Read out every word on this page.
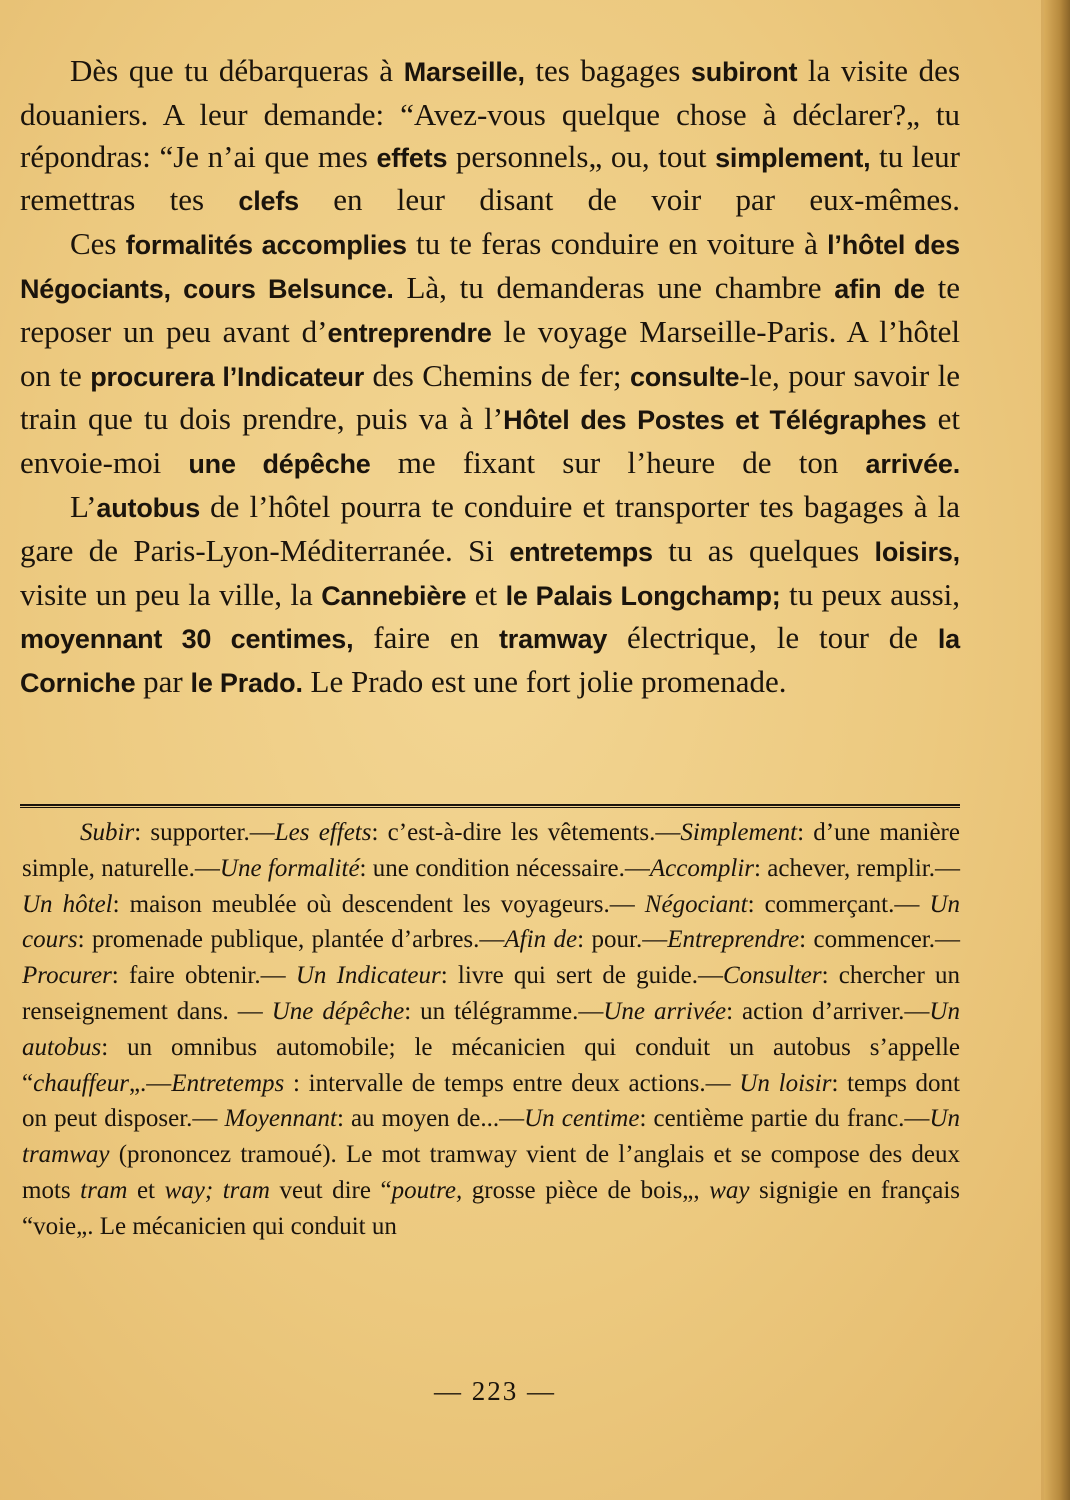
Dès que tu débarqueras à Marseille, tes bagages subiront la visite des douaniers. A leur demande: “Avez-vous quelque chose à déclarer?„ tu répondras: “Je n’ai que mes effets personnels„ ou, tout simplement, tu leur remettras tes clefs en leur disant de voir par eux-mêmes.

Ces formalités accomplies tu te feras conduire en voiture à l’hôtel des Négociants, cours Belsunce. Là, tu demanderas une chambre afin de te reposer un peu avant d’entreprendre le voyage Marseille-Paris. A l’hôtel on te procurera l’Indicateur des Chemins de fer; consulte-le, pour savoir le train que tu dois prendre, puis va à l’Hôtel des Postes et Télégraphes et envoie-moi une dépêche me fixant sur l’heure de ton arrivée.

L’autobus de l’hôtel pourra te conduire et transporter tes bagages à la gare de Paris-Lyon-Méditerranée. Si entretemps tu as quelques loisirs, visite un peu la ville, la Cannebière et le Palais Longchamp; tu peux aussi, moyennant 30 centimes, faire en tramway électrique, le tour de la Corniche par le Prado. Le Prado est une fort jolie promenade.

Subir: supporter.—Les effets: c’est-à-dire les vêtements.—Simplement: d’une manière simple, naturelle.—Une formalité: une condition nécessaire.—Accomplir: achever, remplir.—Un hôtel: maison meublée où descendent les voyageurs.— Négociant: commerçant.— Un cours: promenade publique, plantée d’arbres.—Afin de: pour.—Entreprendre: commencer.—Procurer: faire obtenir.— Un Indicateur: livre qui sert de guide.—Consulter: chercher un renseignement dans. — Une dépêche: un télégramme.—Une arrivée: action d’arriver.—Un autobus: un omnibus automobile; le mécanicien qui conduit un autobus s’appelle “chauffeur„.—Entretemps : intervalle de temps entre deux actions.— Un loisir: temps dont on peut disposer.— Moyennant: au moyen de...—Un centime: centième partie du franc.—Un tramway (prononcez tramoué). Le mot tramway vient de l’anglais et se compose des deux mots tram et way; tram veut dire “poutre, grosse pièce de bois„, way signigie en français “voie„. Le mécanicien qui conduit un
— 223 —
